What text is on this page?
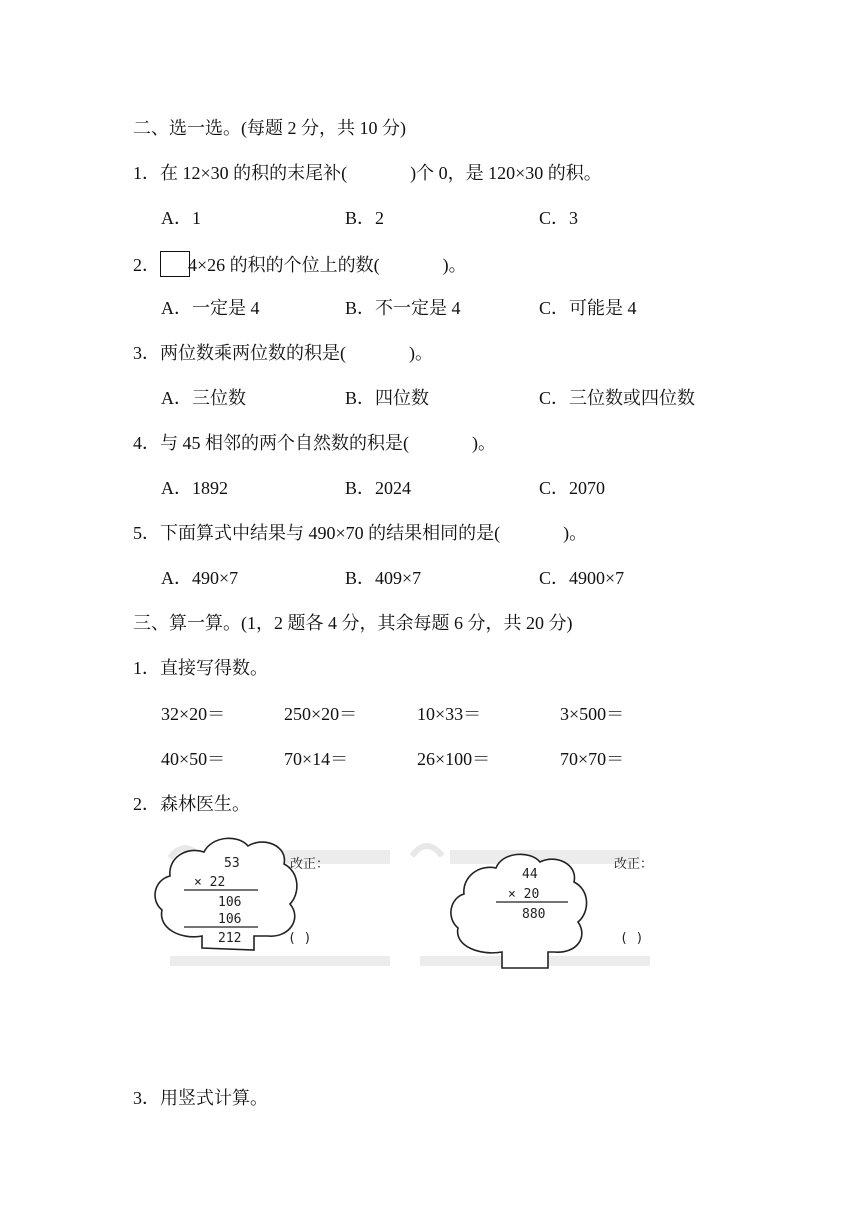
二、选一选。(每题 2 分，共 10 分)
1．在 12×30 的积的末尾补(              )个 0，是 120×30 的积。
A．1	B．2	C．3
2． 4×26 的积的个位上的数(              )。
A．一定是 4	B．不一定是 4	C．可能是 4
3．两位数乘两位数的积是(              )。
A．三位数	B．四位数	C．三位数或四位数
4．与 45 相邻的两个自然数的积是(              )。
A．1892	B．2024	C．2070
5．下面算式中结果与 490×70 的结果相同的是(              )。
A．490×7	B．409×7	C．4900×7
三、算一算。(1，2 题各 4 分，其余每题 6 分，共 20 分)
1．直接写得数。
32×20＝	250×20＝	10×33＝	3×500＝
40×50＝	70×14＝	26×100＝	70×70＝
2．森林医生。
53
× 22
106
106
212
改正：
( )
44
× 20
880
改正：
( )
3．用竖式计算。
